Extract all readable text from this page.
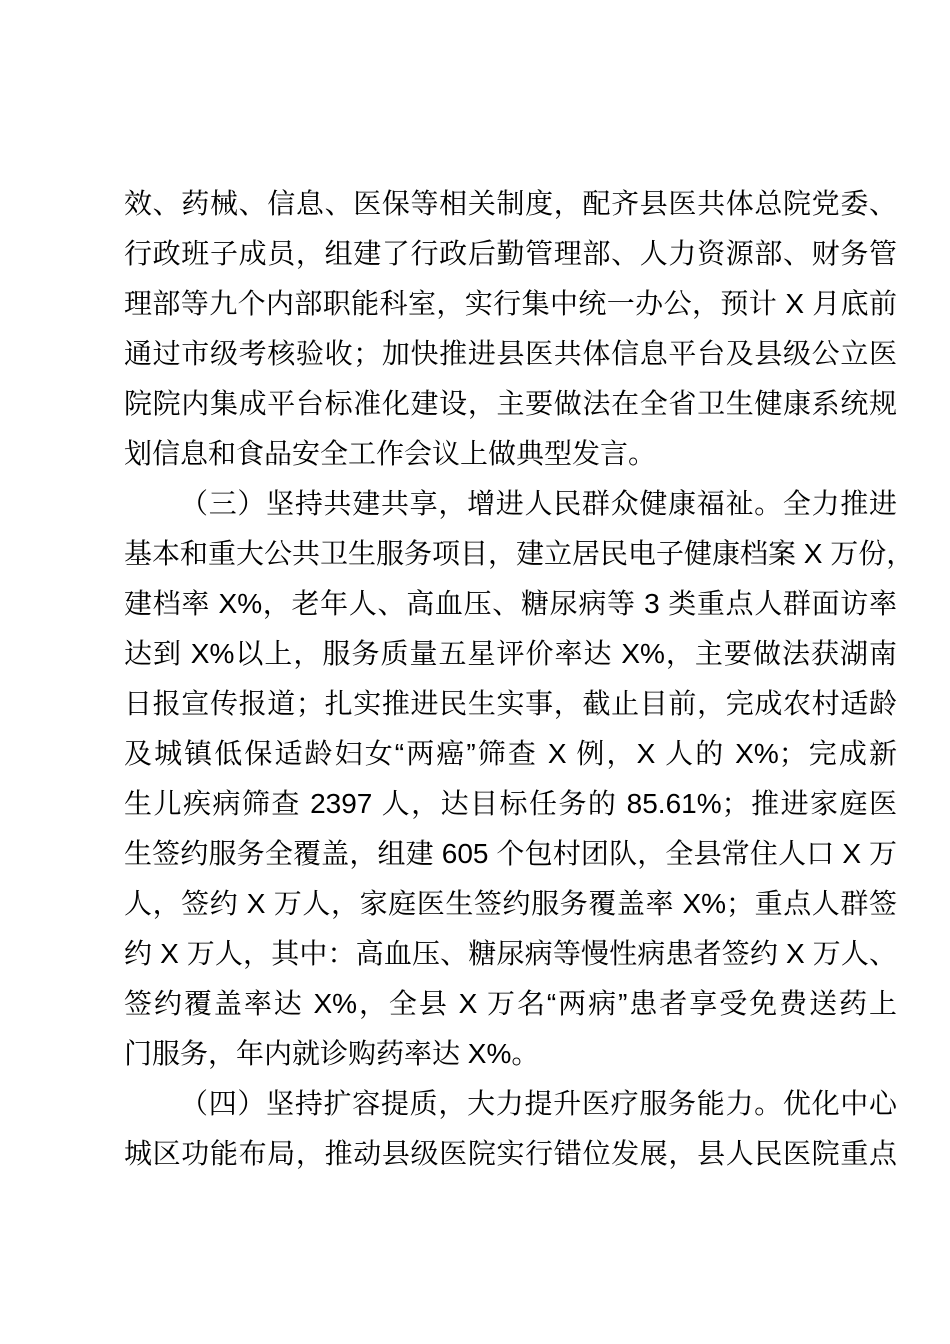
效、药械、信息、医保等相关制度，配齐县医共体总院党委、
行政班子成员，组建了行政后勤管理部、人力资源部、财务管
理部等九个内部职能科室，实行集中统一办公，预计 X 月底前
通过市级考核验收；加快推进县医共体信息平台及县级公立医
院院内集成平台标准化建设，主要做法在全省卫生健康系统规
划信息和食品安全工作会议上做典型发言。
（三）坚持共建共享，增进人民群众健康福祉。全力推进
基本和重大公共卫生服务项目，建立居民电子健康档案 X 万份，
建档率 X%，老年人、高血压、糖尿病等 3 类重点人群面访率
达到 X%以上，服务质量五星评价率达 X%，主要做法获湖南
日报宣传报道；扎实推进民生实事，截止目前，完成农村适龄
及城镇低保适龄妇女“两癌”筛查 X 例，X 人的 X%；完成新
生儿疾病筛查 2397 人，达目标任务的 85.61%；推进家庭医
生签约服务全覆盖，组建 605 个包村团队，全县常住人口 X 万
人，签约 X 万人，家庭医生签约服务覆盖率 X%；重点人群签
约 X 万人，其中：高血压、糖尿病等慢性病患者签约 X 万人、
签约覆盖率达 X%，全县 X 万名“两病”患者享受免费送药上
门服务，年内就诊购药率达 X%。
（四）坚持扩容提质，大力提升医疗服务能力。优化中心
城区功能布局，推动县级医院实行错位发展，县人民医院重点
